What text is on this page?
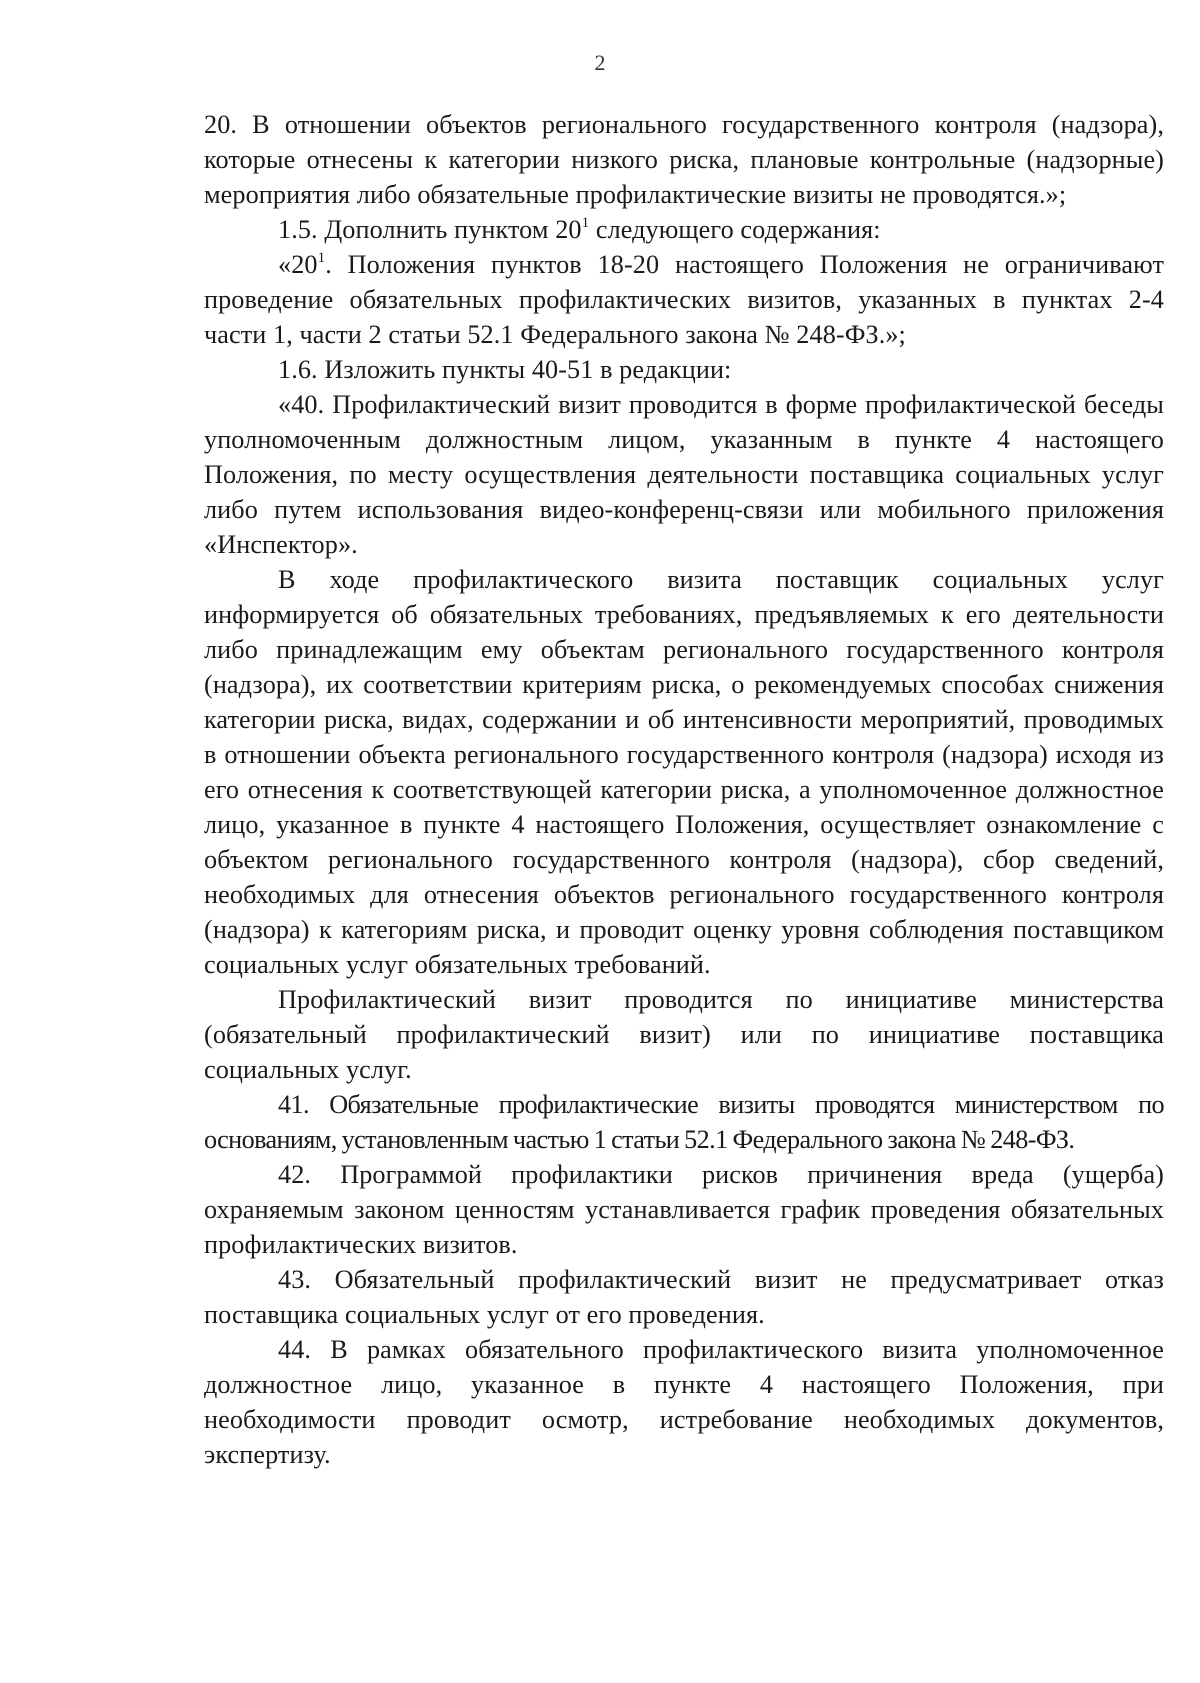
2

20. В отношении объектов регионального государственного контроля (надзора), которые отнесены к категории низкого риска, плановые контрольные (надзорные) мероприятия либо обязательные профилактические визиты не проводятся.»;

1.5. Дополнить пунктом $20^1$ следующего содержания:

«$20^1$. Положения пунктов 18-20 настоящего Положения не ограничивают проведение обязательных профилактических визитов, указанных в пунктах 2-4 части 1, части 2 статьи 52.1 Федерального закона № 248-ФЗ.»;

1.6. Изложить пункты 40-51 в редакции:

«40. Профилактический визит проводится в форме профилактической беседы уполномоченным должностным лицом, указанным в пункте 4 настоящего Положения, по месту осуществления деятельности поставщика социальных услуг либо путем использования видео-конференц-связи или мобильного приложения «Инспектор».

В ходе профилактического визита поставщик социальных услуг информируется об обязательных требованиях, предъявляемых к его деятельности либо принадлежащим ему объектам регионального государственного контроля (надзора), их соответствии критериям риска, о рекомендуемых способах снижения категории риска, видах, содержании и об интенсивности мероприятий, проводимых в отношении объекта регионального государственного контроля (надзора) исходя из его отнесения к соответствующей категории риска, а уполномоченное должностное лицо, указанное в пункте 4 настоящего Положения, осуществляет ознакомление с объектом регионального государственного контроля (надзора), сбор сведений, необходимых для отнесения объектов регионального государственного контроля (надзора) к категориям риска, и проводит оценку уровня соблюдения поставщиком социальных услуг обязательных требований.

Профилактический визит проводится по инициативе министерства (обязательный профилактический визит) или по инициативе поставщика социальных услуг.

41. Обязательные профилактические визиты проводятся министерством по основаниям, установленным частью 1 статьи 52.1 Федерального закона № 248-ФЗ.

42. Программой профилактики рисков причинения вреда (ущерба) охраняемым законом ценностям устанавливается график проведения обязательных профилактических визитов.

43. Обязательный профилактический визит не предусматривает отказ поставщика социальных услуг от его проведения.

44. В рамках обязательного профилактического визита уполномоченное должностное лицо, указанное в пункте 4 настоящего Положения, при необходимости проводит осмотр, истребование необходимых документов, экспертизу.
